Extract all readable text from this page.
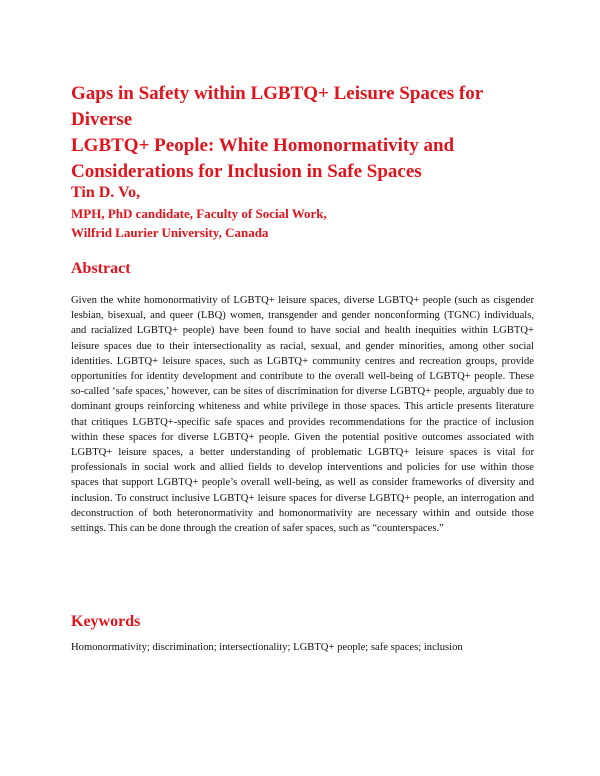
Gaps in Safety within LGBTQ+ Leisure Spaces for Diverse
LGBTQ+ People: White Homonormativity and
Considerations for Inclusion in Safe Spaces

Tin D. Vo,

MPH, PhD candidate, Faculty of Social Work,

Wilfrid Laurier University, Canada

Abstract

Given the white homonormativity of LGBTQ+ leisure spaces, diverse LGBTQ+ people (such as cisgender lesbian, bisexual, and queer (LBQ) women, transgender and gender nonconforming (TGNC) individuals, and racialized LGBTQ+ people) have been found to have social and health inequities within LGBTQ+ leisure spaces due to their intersectionality as racial, sexual, and gender minorities, among other social identities. LGBTQ+ leisure spaces, such as LGBTQ+ community centres and recreation groups, provide opportunities for identity development and contribute to the overall well-being of LGBTQ+ people. These so-called ‘safe spaces,’ however, can be sites of discrimination for diverse LGBTQ+ people, arguably due to dominant groups reinforcing whiteness and white privilege in those spaces. This article presents literature that critiques LGBTQ+-specific safe spaces and provides recommendations for the practice of inclusion within these spaces for diverse LGBTQ+ people. Given the potential positive outcomes associated with LGBTQ+ leisure spaces, a better understanding of problematic LGBTQ+ leisure spaces is vital for professionals in social work and allied fields to develop interventions and policies for use within those spaces that support LGBTQ+ people’s overall well-being, as well as consider frameworks of diversity and inclusion. To construct inclusive LGBTQ+ leisure spaces for diverse LGBTQ+ people, an interrogation and deconstruction of both heteronormativity and homonormativity are necessary within and outside those settings. This can be done through the creation of safer spaces, such as “counterspaces.”

Keywords

Homonormativity; discrimination; intersectionality; LGBTQ+ people; safe spaces; inclusion
